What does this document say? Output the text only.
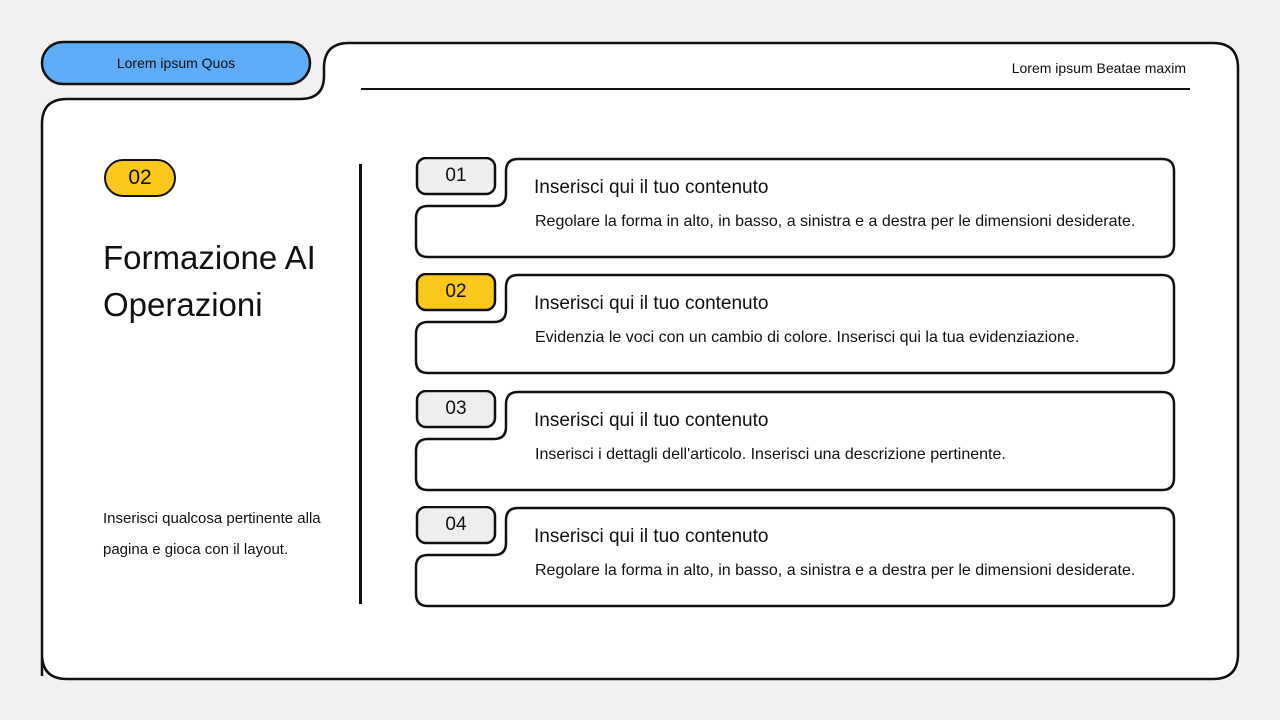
Lorem ipsum Quos	Lorem ipsum Beatae maxim
02
Formazione AI
Operazioni

Inserisci qualcosa pertinente alla pagina e gioca con il layout.

01
Inserisci qui il tuo contenuto
Regolare la forma in alto, in basso, a sinistra e a destra per le dimensioni desiderate.
02
Inserisci qui il tuo contenuto
Evidenzia le voci con un cambio di colore. Inserisci qui la tua evidenziazione.
03
Inserisci qui il tuo contenuto
Inserisci i dettagli dell'articolo. Inserisci una descrizione pertinente.
04
Inserisci qui il tuo contenuto
Regolare la forma in alto, in basso, a sinistra e a destra per le dimensioni desiderate.
